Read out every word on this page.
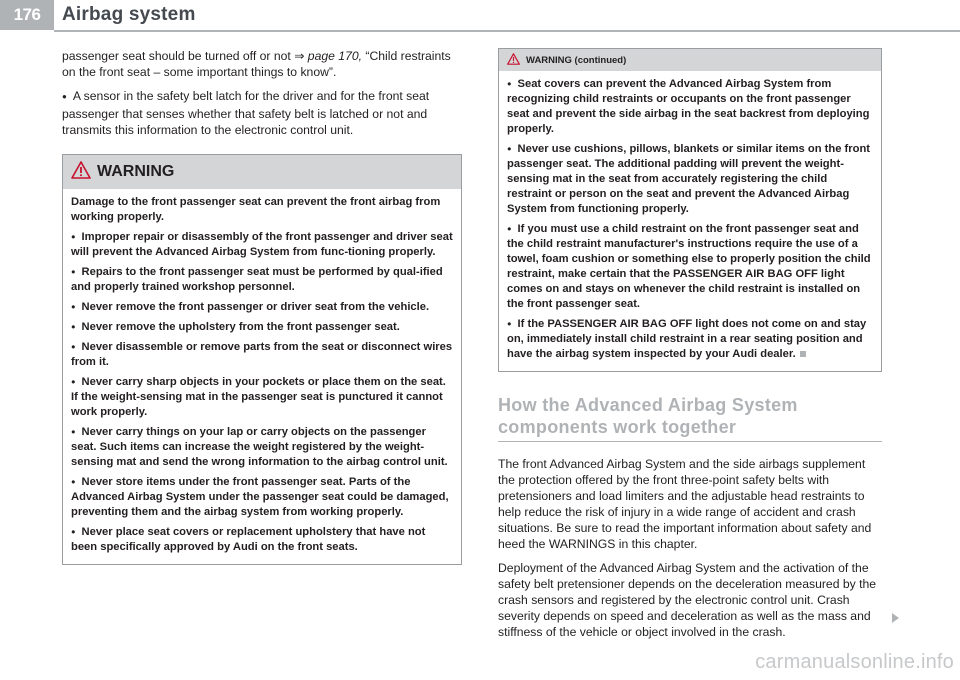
176	Airbag system

passenger seat should be turned off or not ⇒ page 170, “Child restraints on the front seat – some important things to know”.

● A sensor in the safety belt latch for the driver and for the front seat passenger that senses whether that safety belt is latched or not and transmits this information to the electronic control unit.

WARNING

Damage to the front passenger seat can prevent the front airbag from working properly.

● Improper repair or disassembly of the front passenger and driver seat will prevent the Advanced Airbag System from func-tioning properly.

● Repairs to the front passenger seat must be performed by qual-ified and properly trained workshop personnel.

● Never remove the front passenger or driver seat from the vehicle.

● Never remove the upholstery from the front passenger seat.

● Never disassemble or remove parts from the seat or disconnect wires from it.

● Never carry sharp objects in your pockets or place them on the seat. If the weight-sensing mat in the passenger seat is punctured it cannot work properly.

● Never carry things on your lap or carry objects on the passenger seat. Such items can increase the weight registered by the weight-sensing mat and send the wrong information to the airbag control unit.

● Never store items under the front passenger seat. Parts of the Advanced Airbag System under the passenger seat could be damaged, preventing them and the airbag system from working properly.

● Never place seat covers or replacement upholstery that have not been specifically approved by Audi on the front seats.

WARNING (continued)

● Seat covers can prevent the Advanced Airbag System from recognizing child restraints or occupants on the front passenger seat and prevent the side airbag in the seat backrest from deploying properly.

● Never use cushions, pillows, blankets or similar items on the front passenger seat. The additional padding will prevent the weight-sensing mat in the seat from accurately registering the child restraint or person on the seat and prevent the Advanced Airbag System from functioning properly.

● If you must use a child restraint on the front passenger seat and the child restraint manufacturer's instructions require the use of a towel, foam cushion or something else to properly position the child restraint, make certain that the PASSENGER AIR BAG OFF light comes on and stays on whenever the child restraint is installed on the front passenger seat.

● If the PASSENGER AIR BAG OFF light does not come on and stay on, immediately install child restraint in a rear seating position and have the airbag system inspected by your Audi dealer.

How the Advanced Airbag System
components work together

The front Advanced Airbag System and the side airbags supplement the protection offered by the front three-point safety belts with pretensioners and load limiters and the adjustable head restraints to help reduce the risk of injury in a wide range of accident and crash situations. Be sure to read the important information about safety and heed the WARNINGS in this chapter.

Deployment of the Advanced Airbag System and the activation of the safety belt pretensioner depends on the deceleration measured by the crash sensors and registered by the electronic control unit. Crash severity depends on speed and deceleration as well as the mass and stiffness of the vehicle or object involved in the crash.

carmanualsonline.info
